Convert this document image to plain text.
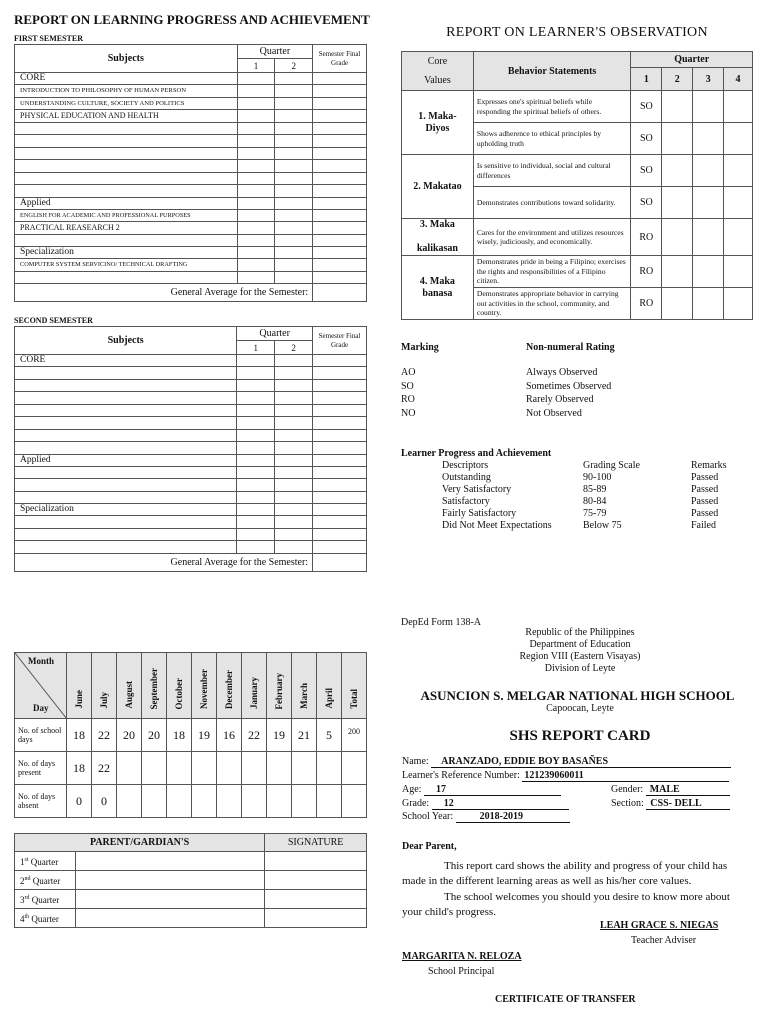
REPORT ON LEARNING PROGRESS AND ACHIEVEMENT
FIRST SEMESTER
Subjects	Quarter		Semester Final Grade
	1	2	
CORE			
INTRODUCTION TO PHILOSOPHY OF HUMAN PERSON			
UNDERSTANDING CULTURE, SOCIETY AND POLITICS			
PHYSICAL EDUCATION AND HEALTH			

Applied			
ENGLISH FOR ACADEMIC AND PROFESSIONAL PURPOSES			
PRACTICAL REASEARCH 2			

Specialization			
COMPUTER SYSTEM SERVICINO/ TECHNICAL DRAFTING			

General Average for the Semester:			
SECOND SEMESTER
Subjects	Quarter		Semester Final Grade
	1	2	
CORE			

Applied			

Specialization			

General Average for the Semester:			
Month
Day	June	July	August	September	October	November	December	January	February	March	April	Total
No. of school days	18	22	20	20	18	19	16	22	19	21	5	200
No. of days present	18	22										
No. of days absent	0	0										
PARENT/GARDIAN'S	SIGNATURE

1st Quarter	

2nd Quarter	

3rd Quarter	

4th Quarter	

REPORT ON LEARNER'S OBSERVATION
Core
Values	Behavior Statements	Quarter			
		1	2	3	4
1. Maka-
Diyos	Expresses one's spiritual beliefs while responding the spiritual beliefs of others.	SO			
	Shows adherence to ethical principles by upholding truth	SO			
2. Makatao	Is sensitive to individual, social and cultural differences	SO			
	Demonstrates contributions toward solidarity.	SO			
3. Maka

kalikasan	Cares for the environment and utilizes resources wisely, judiciously, and economically.	RO			
4. Maka
banasa	Demonstrates pride in being a Filipino; exercises the rights and responsibilities of a Filipino citizen.	RO			
	Demonstrates appropriate behavior in carrying out activities in the school, community, and country.	RO			
Marking	Non-numeral Rating
AO	Always Observed
SO	Sometimes Observed
RO	Rarely Observed
NO	Not Observed
Learner Progress and Achievement
Descriptors	Grading Scale	Remarks
Outstanding	90-100	Passed
Very Satisfactory	85-89	Passed
Satisfactory	80-84	Passed
Fairly Satisfactory	75-79	Passed
Did Not Meet Expectations	Below 75	Failed
DepEd Form 138-A
Republic of the Philippines
Department of Education
Region VIII (Eastern Visayas)
Division of Leyte
ASUNCION S. MELGAR NATIONAL HIGH SCHOOL
Capoocan, Leyte
SHS REPORT CARD
Name: ARANZADO, EDDIE BOY BASAÑES
Learner's Reference Number: 121239060011
Age: 17	Gender: MALE
Grade: 12	Section: CSS- DELL
School Year:	2018-2019
Dear Parent,
This report card shows the ability and progress of your child has made in the different learning areas as well as his/her core values.
The school welcomes you should you desire to know more about your child's progress.
LEAH GRACE S. NIEGAS
Teacher Adviser
MARGARITA N. RELOZA
School Principal
CERTIFICATE OF TRANSFER
